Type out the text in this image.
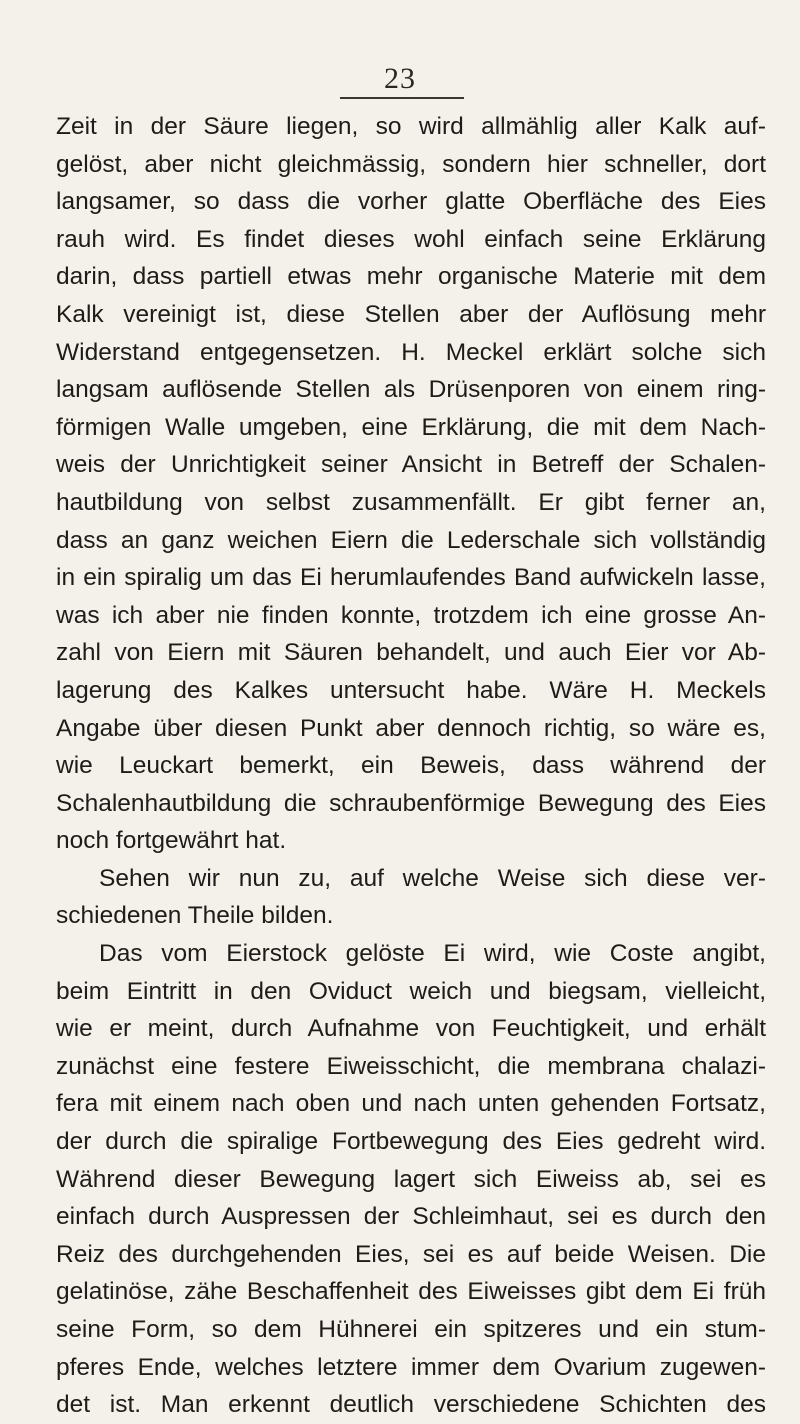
23
Zeit in der Säure liegen, so wird allmählig aller Kalk auf-
gelöst, aber nicht gleichmässig, sondern hier schneller, dort
langsamer, so dass die vorher glatte Oberfläche des Eies
rauh wird. Es findet dieses wohl einfach seine Erklärung
darin, dass partiell etwas mehr organische Materie mit dem
Kalk vereinigt ist, diese Stellen aber der Auflösung mehr
Widerstand entgegensetzen. H. Meckel erklärt solche sich
langsam auflösende Stellen als Drüsenporen von einem ring-
förmigen Walle umgeben, eine Erklärung, die mit dem Nach-
weis der Unrichtigkeit seiner Ansicht in Betreff der Schalen-
hautbildung von selbst zusammenfällt. Er gibt ferner an,
dass an ganz weichen Eiern die Lederschale sich vollständig
in ein spiralig um das Ei herumlaufendes Band aufwickeln lasse,
was ich aber nie finden konnte, trotzdem ich eine grosse An-
zahl von Eiern mit Säuren behandelt, und auch Eier vor Ab-
lagerung des Kalkes untersucht habe. Wäre H. Meckels
Angabe über diesen Punkt aber dennoch richtig, so wäre es,
wie Leuckart bemerkt, ein Beweis, dass während der
Schalenhautbildung die schraubenförmige Bewegung des Eies
noch fortgewährt hat.
Sehen wir nun zu, auf welche Weise sich diese ver-
schiedenen Theile bilden.
Das vom Eierstock gelöste Ei wird, wie Coste angibt,
beim Eintritt in den Oviduct weich und biegsam, vielleicht,
wie er meint, durch Aufnahme von Feuchtigkeit, und erhält
zunächst eine festere Eiweisschicht, die membrana chalazi-
fera mit einem nach oben und nach unten gehenden Fortsatz,
der durch die spiralige Fortbewegung des Eies gedreht wird.
Während dieser Bewegung lagert sich Eiweiss ab, sei es
einfach durch Auspressen der Schleimhaut, sei es durch den
Reiz des durchgehenden Eies, sei es auf beide Weisen. Die
gelatinöse, zähe Beschaffenheit des Eiweisses gibt dem Ei früh
seine Form, so dem Hühnerei ein spitzeres und ein stum-
pferes Ende, welches letztere immer dem Ovarium zugewen-
det ist. Man erkennt deutlich verschiedene Schichten des
